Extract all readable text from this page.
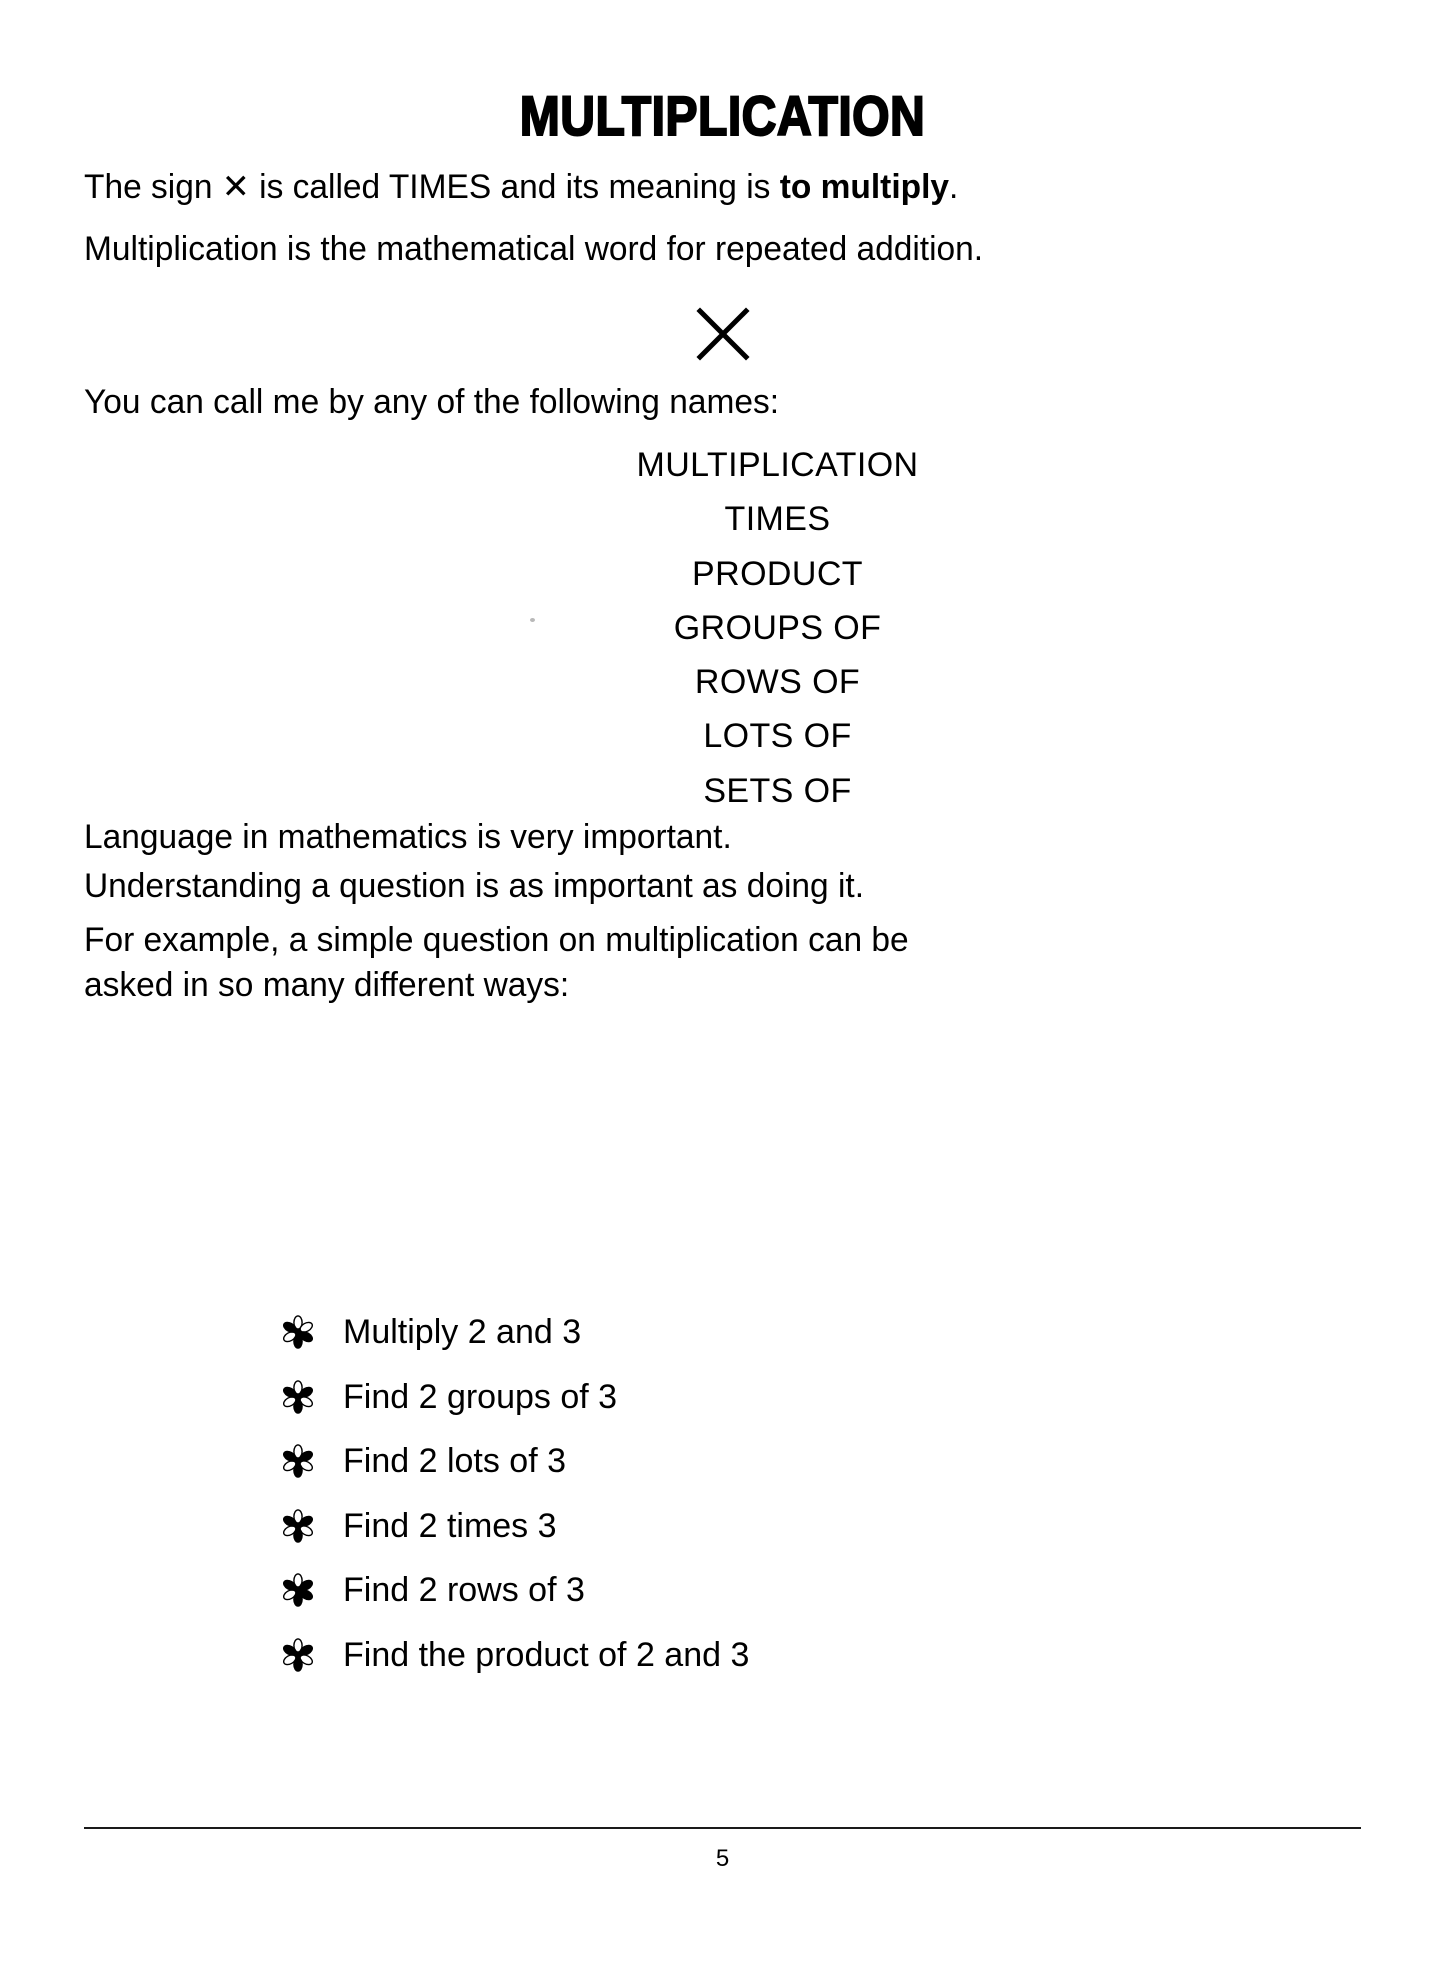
MULTIPLICATION
The sign ✕ is called TIMES and its meaning is to multiply.
Multiplication is the mathematical word for repeated addition.
You can call me by any of the following names:
MULTIPLICATION
TIMES
PRODUCT
GROUPS OF
ROWS OF
LOTS OF
SETS OF
Language in mathematics is very important.
Understanding a question is as important as doing it.
For example, a simple question on multiplication can be
asked in so many different ways:
Multiply 2 and 3
Find 2 groups of 3
Find 2 lots of 3
Find 2 times 3
Find 2 rows of 3
Find the product of 2 and 3
5
